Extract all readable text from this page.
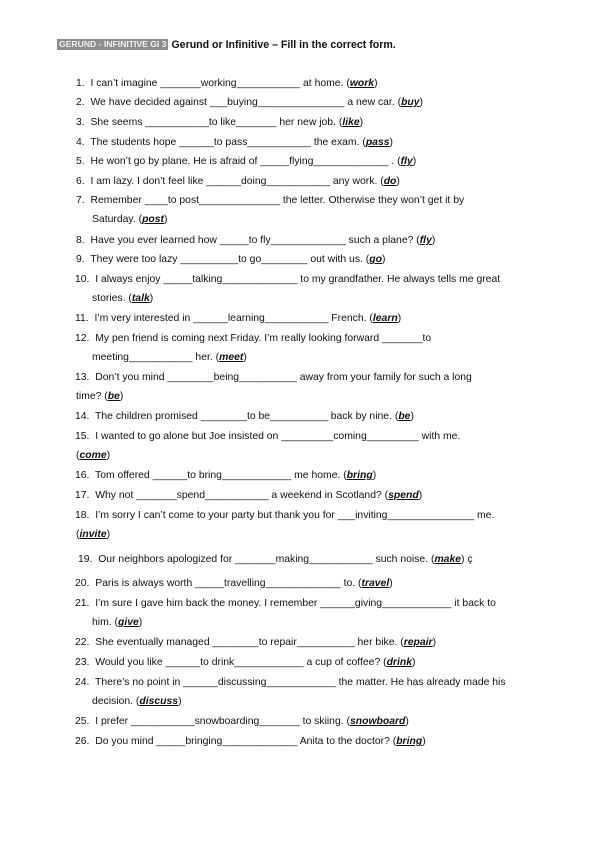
GERUND - INFINITIVE GI 3 Gerund or Infinitive – Fill in the correct form.
1.  I can’t imagine _______working___________ at home. (work)
2.  We have decided against ___buying_______________ a new car. (buy)
3.  She seems ___________to like_______ her new job. (like)
4.  The students hope ______to pass___________ the exam. (pass)
5.  He won’t go by plane. He is afraid of _____flying_____________ . (fly)
6.  I am lazy. I don’t feel like ______doing___________ any work. (do)
7.  Remember ____to post______________ the letter. Otherwise they won’t get it by
Saturday. (post)
8.  Have you ever learned how _____to fly_____________ such a plane? (fly)
9.  They were too lazy __________to go________ out with us. (go)
10.  I always enjoy _____talking_____________ to my grandfather. He always tells me great
stories. (talk)
11.  I’m very interested in ______learning___________ French. (learn)
12.  My pen friend is coming next Friday. I’m really looking forward _______to
meeting___________ her. (meet)
13.  Don’t you mind ________being__________ away from your family for such a long
time? (be)
14.  The children promised ________to be__________ back by nine. (be)
15.  I wanted to go alone but Joe insisted on _________coming_________ with me.
(come)
16.  Tom offered ______to bring____________ me home. (bring)
17.  Why not _______spend___________ a weekend in Scotland? (spend)
18.  I’m sorry I can’t come to your party but thank you for ___inviting_______________ me.
(invite)
19.  Our neighbors apologized for _______making___________ such noise. (make) ç
20.  Paris is always worth _____travelling_____________ to. (travel)
21.  I’m sure I gave him back the money. I remember ______giving____________ it back to
him. (give)
22.  She eventually managed ________to repair__________ her bike. (repair)
23.  Would you like ______to drink____________ a cup of coffee? (drink)
24.  There’s no point in ______discussing____________ the matter. He has already made his
decision. (discuss)
25.  I prefer ___________snowboarding_______ to skiing. (snowboard)
26.  Do you mind _____bringing_____________ Anita to the doctor? (bring)
